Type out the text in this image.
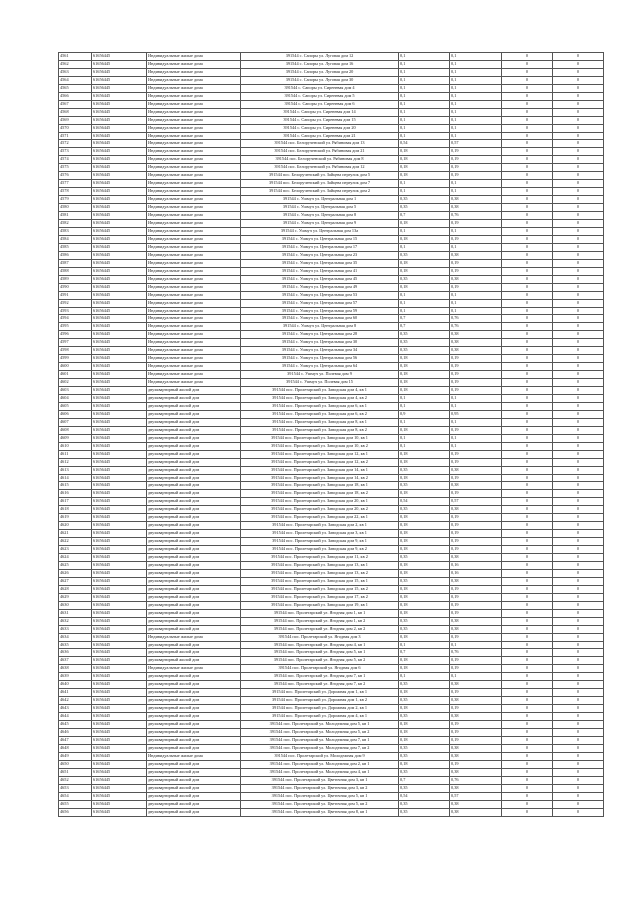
4561	61656445	Индивидуальные жилые дома	391544 с. Сапоры ул. Луговая дом 12	0,1	0,1	0	0
4562	61656445	Индивидуальные жилые дома	391544 с. Сапоры ул. Луговая дом 16	0,1	0,1	0	0
4563	61656445	Индивидуальные жилые дома	391544 с. Сапоры ул. Луговая дом 20	0,1	0,1	0	0
4564	61656445	Индивидуальные жилые дома	391544 с. Сапоры ул. Луговая дом 30	0,1	0,1	0	0
4565	61656445	Индивидуальные жилые дома	391544 с. Сапоры ул. Сиреневая дом 4	0,1	0,1	0	0
4566	61656445	Индивидуальные жилые дома	391544 с. Сапоры ул. Сиреневая дом 5	0,1	0,1	0	0
4567	61656445	Индивидуальные жилые дома	391544 с. Сапоры ул. Сиреневая дом 6	0,1	0,1	0	0
4568	61656445	Индивидуальные жилые дома	391544 с. Сапоры ул. Сиреневая дом 14	0,1	0,1	0	0
4569	61656445	Индивидуальные жилые дома	391544 с. Сапоры ул. Сиреневая дом 15	0,1	0,1	0	0
4570	61656445	Индивидуальные жилые дома	391544 с. Сапоры ул. Сиреневая дом 20	0,1	0,1	0	0
4571	61656445	Индивидуальные жилые дома	391544 с. Сапоры ул. Сиреневая дом 21	0,1	0,1	0	0
4572	61656445	Индивидуальные жилые дома	391544 пос. Белорученский ул. Рябиновая дом 13	0,54	0,57	0	0
4573	61656445	Индивидуальные жилые дома	391544 пос. Белорученский ул. Рябиновая дом 21	0,18	0,19	0	0
4574	61656445	Индивидуальные жилые дома	391544 пос. Белорученский ул. Рябиновая дом 8	0,18	0,19	0	0
4575	61656445	Индивидуальные жилые дома	391544 пос. Белорученский ул. Рябиновая дом 12	0,18	0,19	0	0
4576	61656445	Индивидуальные жилые дома	391544 пос. Белорученский ул. Зайцева переулок дом 5	0,18	0,19	0	0
4577	61656445	Индивидуальные жилые дома	391544 пос. Белорученский ул. Зайцева переулок дом 7	0,1	0,1	0	0
4578	61656445	Индивидуальные жилые дома	391544 пос. Белорученский ул. Зайцева переулок дом 2	0,1	0,1	0	0
4579	61656445	Индивидуальные жилые дома	391544 с. Ушмуч ул. Центральная дом 1	0,35	0,38	0	0
4580	61656445	Индивидуальные жилые дома	391544 с. Ушмуч ул. Центральная дом 5	0,35	0,38	0	0
4581	61656445	Индивидуальные жилые дома	391544 с. Ушмуч ул. Центральная дом 8	0,7	0,76	0	0
4582	61656445	Индивидуальные жилые дома	391544 с. Ушмуч ул. Центральная дом 9	0,18	0,19	0	0
4583	61656445	Индивидуальные жилые дома	391544 с. Ушмуч ул. Центральная дом 13а	0,1	0,1	0	0
4584	61656445	Индивидуальные жилые дома	391544 с. Ушмуч ул. Центральная дом 15	0,18	0,19	0	0
4585	61656445	Индивидуальные жилые дома	391544 с. Ушмуч ул. Центральная дом 17	0,1	0,1	0	0
4586	61656445	Индивидуальные жилые дома	391544 с. Ушмуч ул. Центральная дом 23	0,35	0,38	0	0
4587	61656445	Индивидуальные жилые дома	391544 с. Ушмуч ул. Центральная дом 35	0,18	0,19	0	0
4588	61656445	Индивидуальные жилые дома	391544 с. Ушмуч ул. Центральная дом 41	0,18	0,19	0	0
4589	61656445	Индивидуальные жилые дома	391544 с. Ушмуч ул. Центральная дом 45	0,35	0,38	0	0
4590	61656445	Индивидуальные жилые дома	391544 с. Ушмуч ул. Центральная дом 49	0,18	0,19	0	0
4591	61656445	Индивидуальные жилые дома	391544 с. Ушмуч ул. Центральная дом 53	0,1	0,1	0	0
4592	61656445	Индивидуальные жилые дома	391544 с. Ушмуч ул. Центральная дом 57	0,1	0,1	0	0
4593	61656445	Индивидуальные жилые дома	391544 с. Ушмуч ул. Центральная дом 59	0,1	0,1	0	0
4594	61656445	Индивидуальные жилые дома	391544 с. Ушмуч ул. Центральная дом 60	0,7	0,76	0	0
4595	61656445	Индивидуальные жилые дома	391544 с. Ушмуч ул. Центральная дом 8	0,7	0,76	0	0
4596	61656445	Индивидуальные жилые дома	391544 с. Ушмуч ул. Центральная дом 28	0,35	0,38	0	0
4597	61656445	Индивидуальные жилые дома	391544 с. Ушмуч ул. Центральная дом 30	0,35	0,38	0	0
4598	61656445	Индивидуальные жилые дома	391544 с. Ушмуч ул. Центральная дом 34	0,35	0,38	0	0
4599	61656445	Индивидуальные жилые дома	391544 с. Ушмуч ул. Центральная дом 56	0,18	0,19	0	0
4600	61656445	Индивидуальные жилые дома	391544 с. Ушмуч ул. Центральная дом 64	0,18	0,19	0	0
4601	61656445	Индивидуальные жилые дома	391544 с. Ушмуч ул. Полевая дом 9	0,18	0,19	0	0
4602	61656445	Индивидуальные жилые дома	391544 с. Ушмуч ул. Полевая дом 15	0,18	0,19	0	0
4603	61656445	двухквартирный жилой дом	391544 пос. Пролетарский ул. Заводская дом 4, кв 1	0,18	0,19	0	0
4604	61656445	двухквартирный жилой дом	391544 пос. Пролетарский ул. Заводская дом 4, кв 2	0,1	0,1	0	0
4605	61656445	двухквартирный жилой дом	391544 пос. Пролетарский ул. Заводская дом 6, кв 1	0,1	0,1	0	0
4606	61656445	двухквартирный жилой дом	391544 пос. Пролетарский ул. Заводская дом 6, кв 2	0,9	0,95	0	0
4607	61656445	двухквартирный жилой дом	391544 пос. Пролетарский ул. Заводская дом 8, кв 1	0,1	0,1	0	0
4608	61656445	двухквартирный жилой дом	391544 пос. Пролетарский ул. Заводская дом 8, кв 2	0,18	0,19	0	0
4609	61656445	двухквартирный жилой дом	391544 пос. Пролетарский ул. Заводская дом 10, кв 1	0,1	0,1	0	0
4610	61656445	двухквартирный жилой дом	391544 пос. Пролетарский ул. Заводская дом 10, кв 2	0,1	0,1	0	0
4611	61656445	двухквартирный жилой дом	391544 пос. Пролетарский ул. Заводская дом 12, кв 1	0,18	0,19	0	0
4612	61656445	двухквартирный жилой дом	391544 пос. Пролетарский ул. Заводская дом 12, кв 2	0,18	0,19	0	0
4613	61656445	двухквартирный жилой дом	391544 пос. Пролетарский ул. Заводская дом 14, кв 1	0,35	0,38	0	0
4614	61656445	двухквартирный жилой дом	391544 пос. Пролетарский ул. Заводская дом 14, кв 2	0,18	0,19	0	0
4615	61656445	двухквартирный жилой дом	391544 пос. Пролетарский ул. Заводская дом 18, кв 1	0,35	0,38	0	0
4616	61656445	двухквартирный жилой дом	391544 пос. Пролетарский ул. Заводская дом 18, кв 2	0,18	0,19	0	0
4617	61656445	двухквартирный жилой дом	391544 пос. Пролетарский ул. Заводская дом 20, кв 1	0,54	0,57	0	0
4618	61656445	двухквартирный жилой дом	391544 пос. Пролетарский ул. Заводская дом 20, кв 2	0,35	0,38	0	0
4619	61656445	двухквартирный жилой дом	391544 пос. Пролетарский ул. Заводская дом 22, кв 1	0,18	0,19	0	0
4620	61656445	двухквартирный жилой дом	391544 пос. Пролетарский ул. Заводская дом 2, кв 1	0,18	0,19	0	0
4621	61656445	двухквартирный жилой дом	391544 пос. Пролетарский ул. Заводская дом 3, кв 1	0,18	0,19	0	0
4622	61656445	двухквартирный жилой дом	391544 пос. Пролетарский ул. Заводская дом 9, кв 1	0,18	0,19	0	0
4623	61656445	двухквартирный жилой дом	391544 пос. Пролетарский ул. Заводская дом 9, кв 2	0,18	0,19	0	0
4624	61656445	двухквартирный жилой дом	391544 пос. Пролетарский ул. Заводская дом 11, кв 2	0,35	0,38	0	0
4625	61656445	двухквартирный жилой дом	391544 пос. Пролетарский ул. Заводская дом 13, кв 1	0,18	0,16	0	0
4626	61656445	двухквартирный жилой дом	391544 пос. Пролетарский ул. Заводская дом 13, кв 2	0,18	0,16	0	0
4627	61656445	двухквартирный жилой дом	391544 пос. Пролетарский ул. Заводская дом 15, кв 1	0,35	0,38	0	0
4628	61656445	двухквартирный жилой дом	391544 пос. Пролетарский ул. Заводская дом 15, кв 2	0,18	0,19	0	0
4629	61656445	двухквартирный жилой дом	391544 пос. Пролетарский ул. Заводская дом 17, кв 2	0,18	0,19	0	0
4630	61656445	двухквартирный жилой дом	391544 пос. Пролетарский ул. Заводская дом 19, кв 1	0,18	0,19	0	0
4631	61656445	двухквартирный жилой дом	391544 пос. Пролетарский ул. Ягодная дом 1, кв 1	0,18	0,19	0	0
4632	61656445	двухквартирный жилой дом	391544 пос. Пролетарский ул. Ягодная дом 1, кв 2	0,35	0,38	0	0
4633	61656445	двухквартирный жилой дом	391544 пос. Пролетарский ул. Ягодная дом 2, кв 2	0,35	0,38	0	0
4634	61656445	Индивидуальные жилые дома	391544 пос. Пролетарский ул. Ягодная дом 3	0,18	0,19	0	0
4635	61656445	двухквартирный жилой дом	391544 пос. Пролетарский ул. Ягодная дом 4, кв 1	0,1	0,1	0	0
4636	61656445	двухквартирный жилой дом	391544 пос. Пролетарский ул. Ягодная дом 5, кв 1	0,7	0,76	0	0
4637	61656445	двухквартирный жилой дом	391544 пос. Пролетарский ул. Ягодная дом 5, кв 2	0,18	0,19	0	0
4638	61656445	Индивидуальные жилые дома	391544 пос. Пролетарский ул. Ягодная дом 6	0,18	0,19	0	0
4639	61656445	двухквартирный жилой дом	391544 пос. Пролетарский ул. Ягодная дом 7, кв 1	0,1	0,1	0	0
4640	61656445	двухквартирный жилой дом	391544 пос. Пролетарский ул. Ягодная дом 7, кв 2	0,35	0,38	0	0
4641	61656445	двухквартирный жилой дом	391544 пос. Пролетарский ул. Дорожная дом 1, кв 1	0,18	0,19	0	0
4642	61656445	двухквартирный жилой дом	391544 пос. Пролетарский ул. Дорожная дом 1, кв 2	0,35	0,38	0	0
4643	61656445	двухквартирный жилой дом	391544 пос. Пролетарский ул. Дорожная дом 2, кв 1	0,18	0,19	0	0
4644	61656445	двухквартирный жилой дом	391544 пос. Пролетарский ул. Дорожная дом 4, кв 1	0,35	0,38	0	0
4645	61656445	двухквартирный жилой дом	391544 пос. Пролетарский ул. Молодежная дом 5, кв 1	0,18	0,19	0	0
4646	61656445	двухквартирный жилой дом	391544 пос. Пролетарский ул. Молодежная дом 5, кв 2	0,18	0,19	0	0
4647	61656445	двухквартирный жилой дом	391544 пос. Пролетарский ул. Молодежная дом 7, кв 1	0,18	0,19	0	0
4648	61656445	двухквартирный жилой дом	391544 пос. Пролетарский ул. Молодежная дом 7, кв 2	0,35	0,38	0	0
4649	61656445	Индивидуальные жилые дома	391544 пос. Пролетарский ул. Молодежная дом 9	0,35	0,38	0	0
4650	61656445	двухквартирный жилой дом	391544 пос. Пролетарский ул. Молодежная дом 2, кв 1	0,18	0,19	0	0
4651	61656445	двухквартирный жилой дом	391544 пос. Пролетарский ул. Молодежная дом 4, кв 1	0,35	0,38	0	0
4652	61656445	двухквартирный жилой дом	391544 пос. Пролетарский ул. Цветочная дом 3, кв 1	0,7	0,76	0	0
4653	61656445	двухквартирный жилой дом	391544 пос. Пролетарский ул. Цветочная дом 3, кв 2	0,35	0,38	0	0
4654	61656445	двухквартирный жилой дом	391544 пос. Пролетарский ул. Цветочная дом 5, кв 1	0,54	0,57	0	0
4655	61656445	двухквартирный жилой дом	391544 пос. Пролетарский ул. Цветочная дом 5, кв 2	0,35	0,38	0	0
4656	61656445	двухквартирный жилой дом	391544 пос. Пролетарский ул. Цветочная дом 8, кв 1	0,35	0,38	0	0
